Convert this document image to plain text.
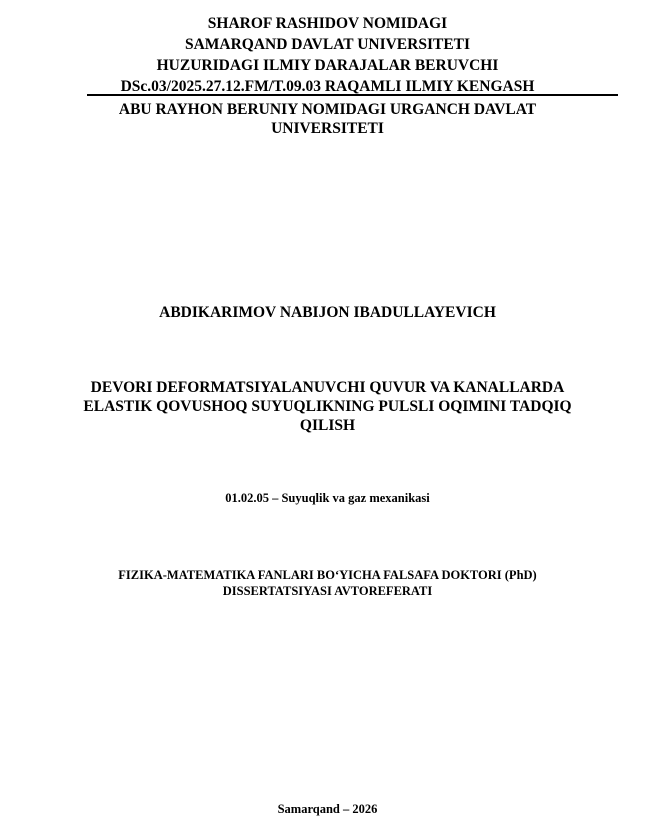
SHAROF RASHIDOV NOMIDAGI
SAMARQAND DAVLAT UNIVERSITETI
HUZURIDAGI ILMIY DARAJALAR BERUVCHI
DSc.03/2025.27.12.FM/T.09.03 RAQAMLI ILMIY KENGASH
ABU RAYHON BERUNIY NOMIDAGI URGANCH DAVLAT
UNIVERSITETI
ABDIKARIMOV NABIJON IBADULLAYEVICH
DEVORI DEFORMATSIYALANUVCHI QUVUR VA KANALLARDA
ELASTIK QOVUSHOQ SUYUQLIKNING PULSLI OQIMINI TADQIQ
QILISH
01.02.05 – Suyuqlik va gaz mexanikasi
FIZIKA-MATEMATIKA FANLARI BO‘YICHA FALSAFA DOKTORI (PhD)
DISSERTATSIYASI AVTOREFERATI
Samarqand – 2026
